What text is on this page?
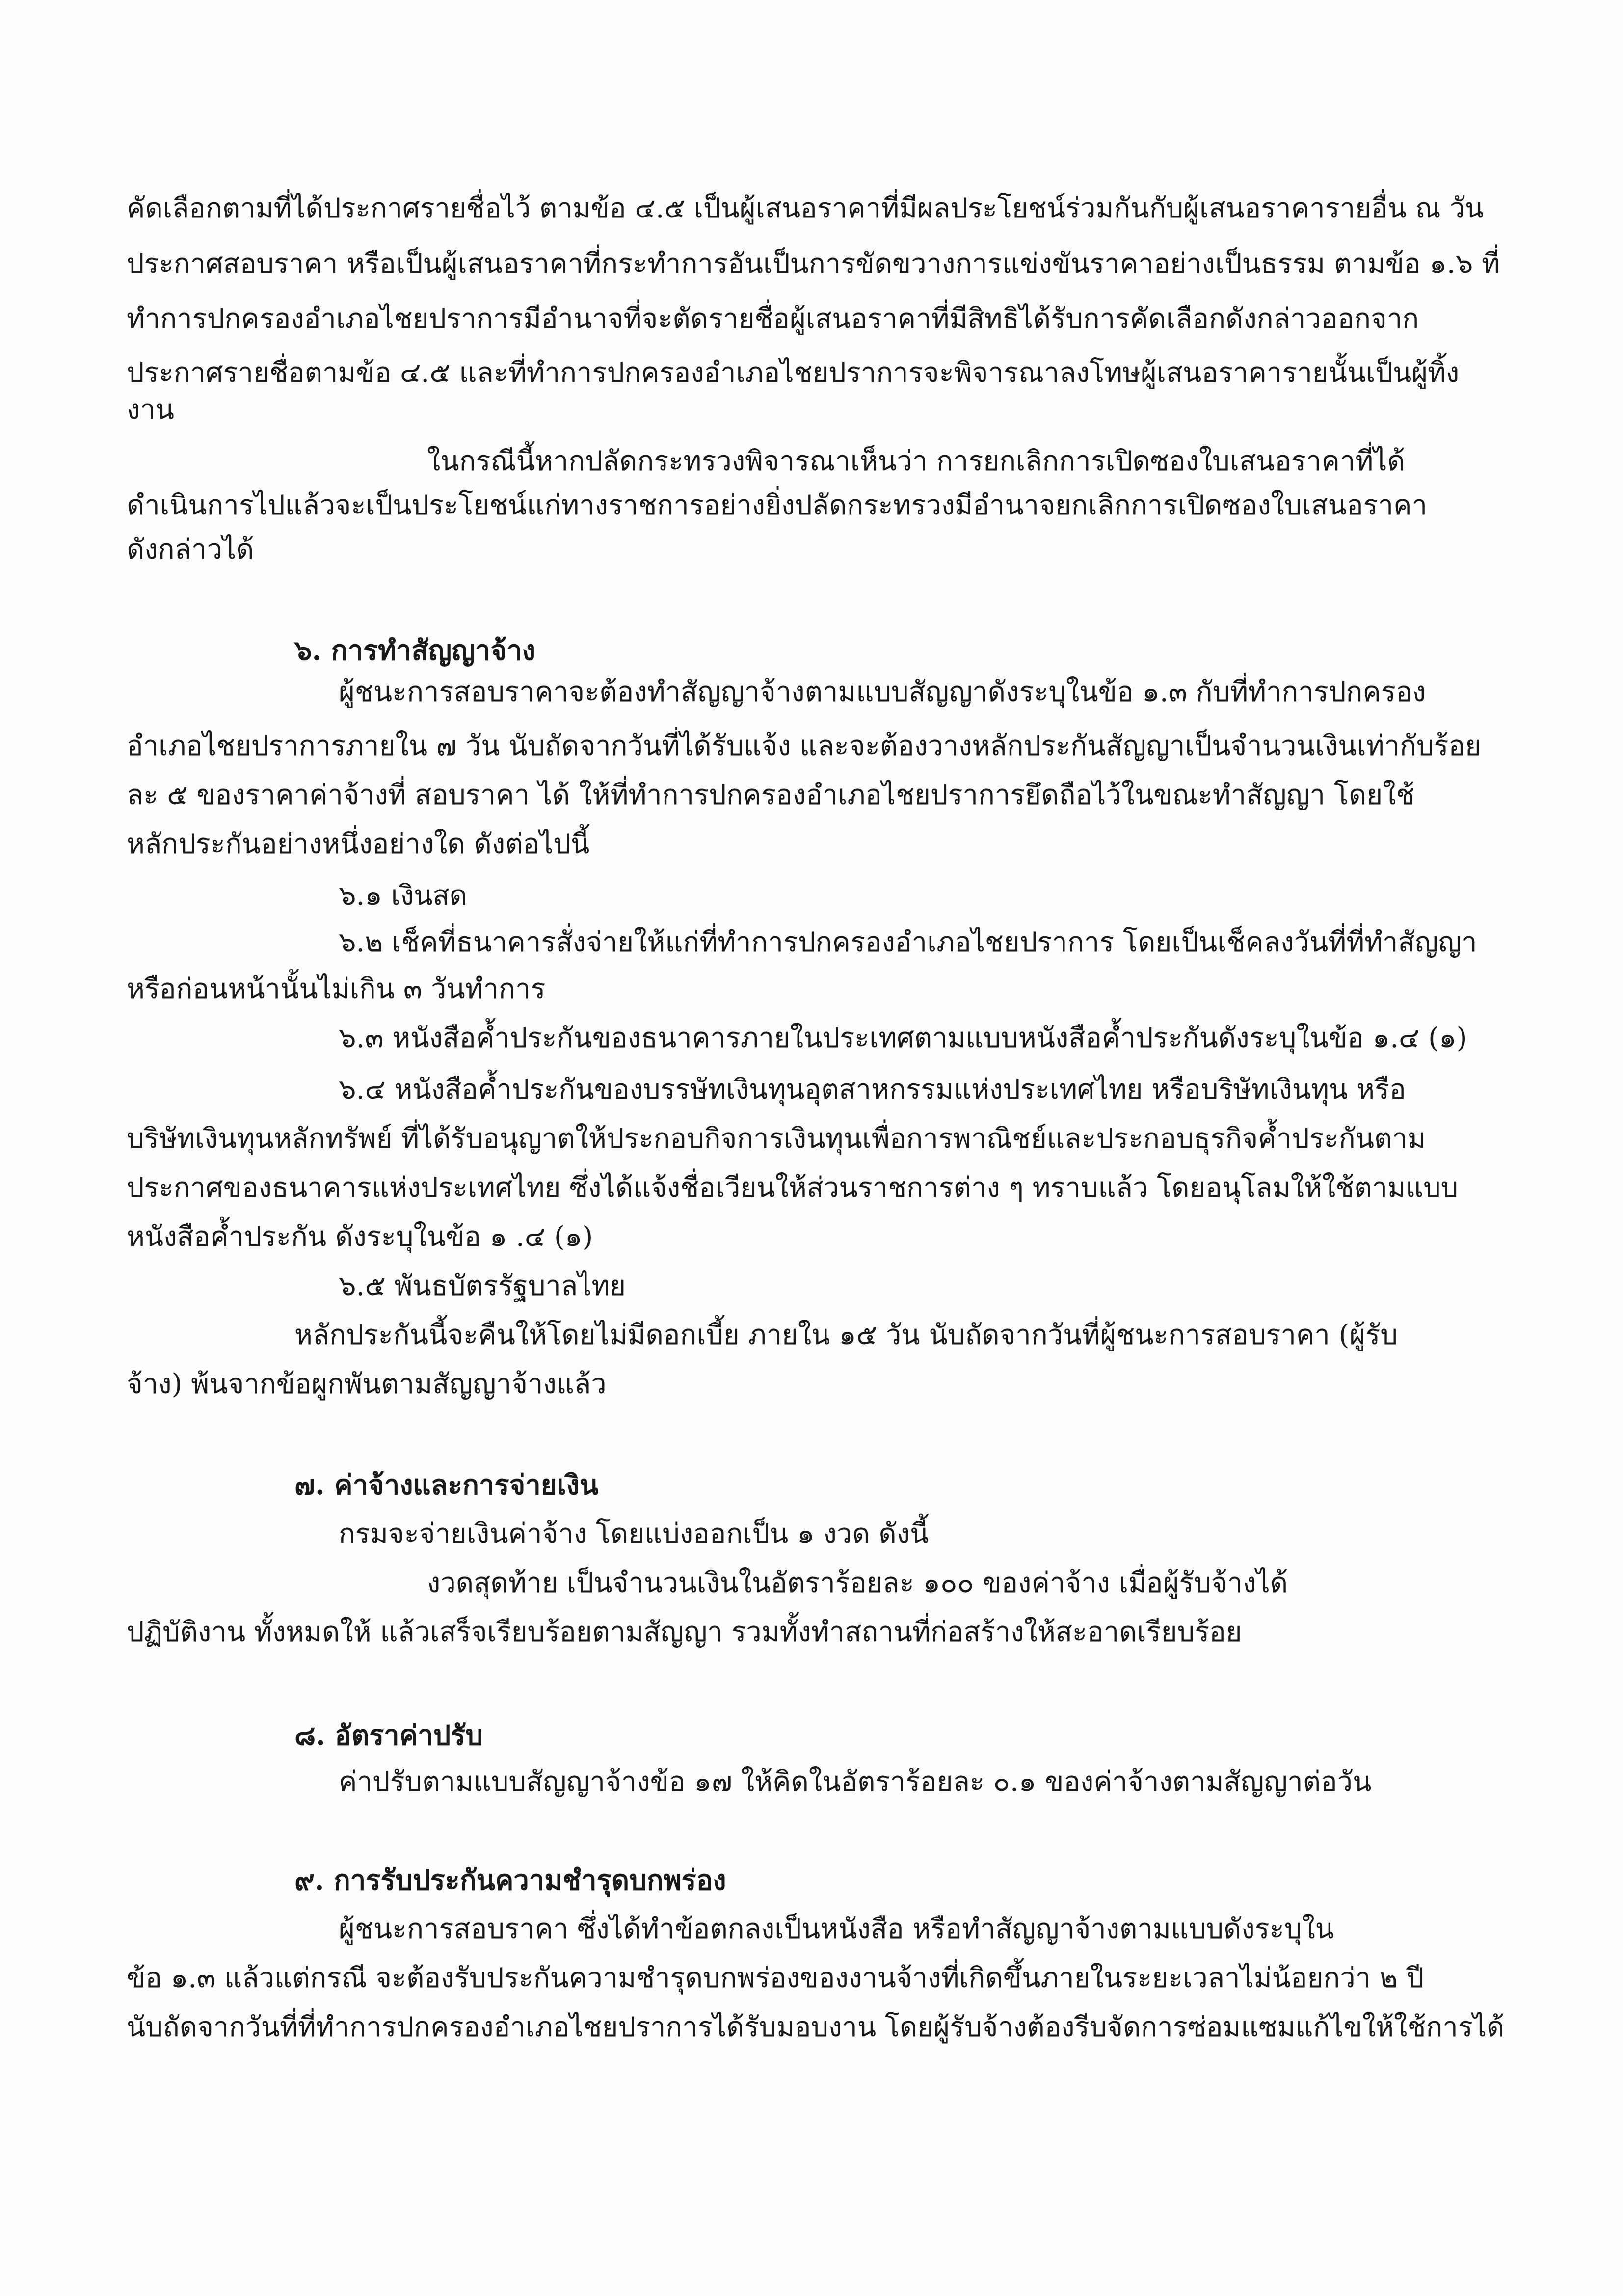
คัดเลือกตามที่ได้ประกาศรายชื่อไว้ ตามข้อ ๔.๕ เป็นผู้เสนอราคาที่มีผลประโยชน์ร่วมกันกับผู้เสนอราคารายอื่น ณ วัน
ประกาศสอบราคา หรือเป็นผู้เสนอราคาที่กระทำการอันเป็นการขัดขวางการแข่งขันราคาอย่างเป็นธรรม ตามข้อ ๑.๖ ที่
ทำการปกครองอำเภอไชยปราการมีอำนาจที่จะตัดรายชื่อผู้เสนอราคาที่มีสิทธิได้รับการคัดเลือกดังกล่าวออกจาก
ประกาศรายชื่อตามข้อ ๔.๕ และที่ทำการปกครองอำเภอไชยปราการจะพิจารณาลงโทษผู้เสนอราคารายนั้นเป็นผู้ทิ้ง
งาน
ในกรณีนี้หากปลัดกระทรวงพิจารณาเห็นว่า การยกเลิกการเปิดซองใบเสนอราคาที่ได้
ดำเนินการไปแล้วจะเป็นประโยชน์แก่ทางราชการอย่างยิ่งปลัดกระทรวงมีอำนาจยกเลิกการเปิดซองใบเสนอราคา
ดังกล่าวได้
๖. การทำสัญญาจ้าง
ผู้ชนะการสอบราคาจะต้องทำสัญญาจ้างตามแบบสัญญาดังระบุในข้อ ๑.๓ กับที่ทำการปกครอง
อำเภอไชยปราการภายใน ๗ วัน นับถัดจากวันที่ได้รับแจ้ง และจะต้องวางหลักประกันสัญญาเป็นจำนวนเงินเท่ากับร้อย
ละ ๕ ของราคาค่าจ้างที่ สอบราคา ได้ ให้ที่ทำการปกครองอำเภอไชยปราการยึดถือไว้ในขณะทำสัญญา โดยใช้
หลักประกันอย่างหนึ่งอย่างใด ดังต่อไปนี้
๖.๑ เงินสด
๖.๒ เช็คที่ธนาคารสั่งจ่ายให้แก่ที่ทำการปกครองอำเภอไชยปราการ โดยเป็นเช็คลงวันที่ที่ทำสัญญา
หรือก่อนหน้านั้นไม่เกิน ๓ วันทำการ
๖.๓ หนังสือค้ำประกันของธนาคารภายในประเทศตามแบบหนังสือค้ำประกันดังระบุในข้อ ๑.๔ (๑)
๖.๔ หนังสือค้ำประกันของบรรษัทเงินทุนอุตสาหกรรมแห่งประเทศไทย หรือบริษัทเงินทุน หรือ
บริษัทเงินทุนหลักทรัพย์ ที่ได้รับอนุญาตให้ประกอบกิจการเงินทุนเพื่อการพาณิชย์และประกอบธุรกิจค้ำประกันตาม
ประกาศของธนาคารแห่งประเทศไทย ซึ่งได้แจ้งชื่อเวียนให้ส่วนราชการต่าง ๆ ทราบแล้ว โดยอนุโลมให้ใช้ตามแบบ
หนังสือค้ำประกัน ดังระบุในข้อ ๑ .๔ (๑)
๖.๕ พันธบัตรรัฐบาลไทย
หลักประกันนี้จะคืนให้โดยไม่มีดอกเบี้ย ภายใน ๑๕ วัน นับถัดจากวันที่ผู้ชนะการสอบราคา (ผู้รับ
จ้าง) พ้นจากข้อผูกพันตามสัญญาจ้างแล้ว
๗. ค่าจ้างและการจ่ายเงิน
กรมจะจ่ายเงินค่าจ้าง โดยแบ่งออกเป็น ๑ งวด ดังนี้
งวดสุดท้าย เป็นจำนวนเงินในอัตราร้อยละ ๑๐๐ ของค่าจ้าง เมื่อผู้รับจ้างได้
ปฏิบัติงาน ทั้งหมดให้ แล้วเสร็จเรียบร้อยตามสัญญา รวมทั้งทำสถานที่ก่อสร้างให้สะอาดเรียบร้อย
๘. อัตราค่าปรับ
ค่าปรับตามแบบสัญญาจ้างข้อ ๑๗ ให้คิดในอัตราร้อยละ ๐.๑ ของค่าจ้างตามสัญญาต่อวัน
๙. การรับประกันความชำรุดบกพร่อง
ผู้ชนะการสอบราคา ซึ่งได้ทำข้อตกลงเป็นหนังสือ หรือทำสัญญาจ้างตามแบบดังระบุใน
ข้อ ๑.๓ แล้วแต่กรณี จะต้องรับประกันความชำรุดบกพร่องของงานจ้างที่เกิดขึ้นภายในระยะเวลาไม่น้อยกว่า ๒ ปี
นับถัดจากวันที่ที่ทำการปกครองอำเภอไชยปราการได้รับมอบงาน โดยผู้รับจ้างต้องรีบจัดการซ่อมแซมแก้ไขให้ใช้การได้
